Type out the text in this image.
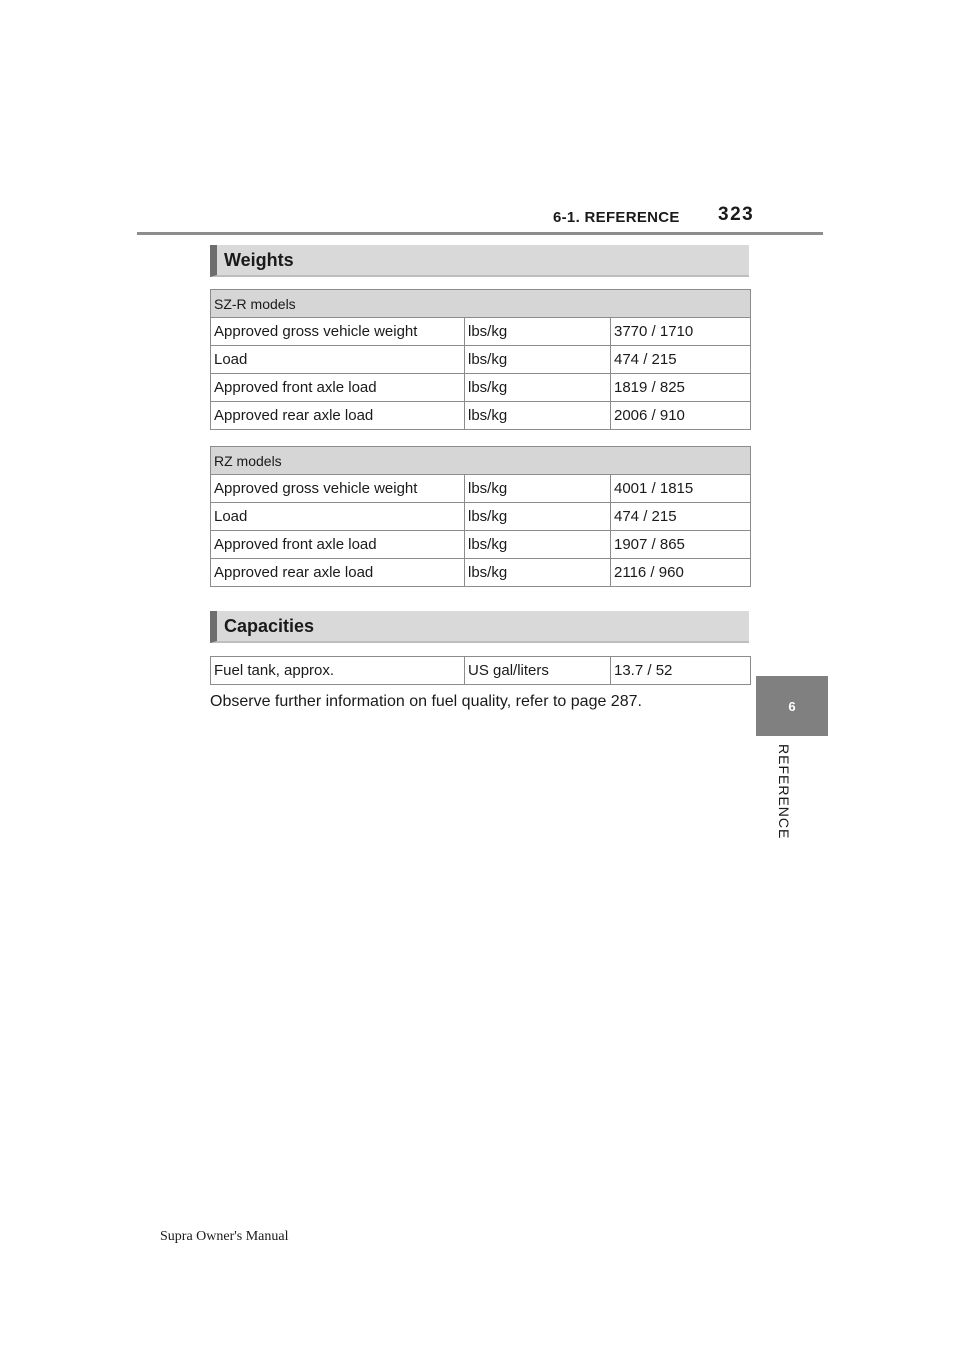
6-1. REFERENCE 323
6
REFERENCE
Weights
SZ-R models		
Approved gross vehicle weight	lbs/kg	3770 / 1710
Load	lbs/kg	474 / 215
Approved front axle load	lbs/kg	1819 / 825
Approved rear axle load	lbs/kg	2006 / 910
RZ models		
Approved gross vehicle weight	lbs/kg	4001 / 1815
Load	lbs/kg	474 / 215
Approved front axle load	lbs/kg	1907 / 865
Approved rear axle load	lbs/kg	2116 / 960
Capacities
Fuel tank, approx.	US gal/liters	13.7 / 52
Observe further information on fuel quality, refer to page 287.
Supra Owner's Manual
